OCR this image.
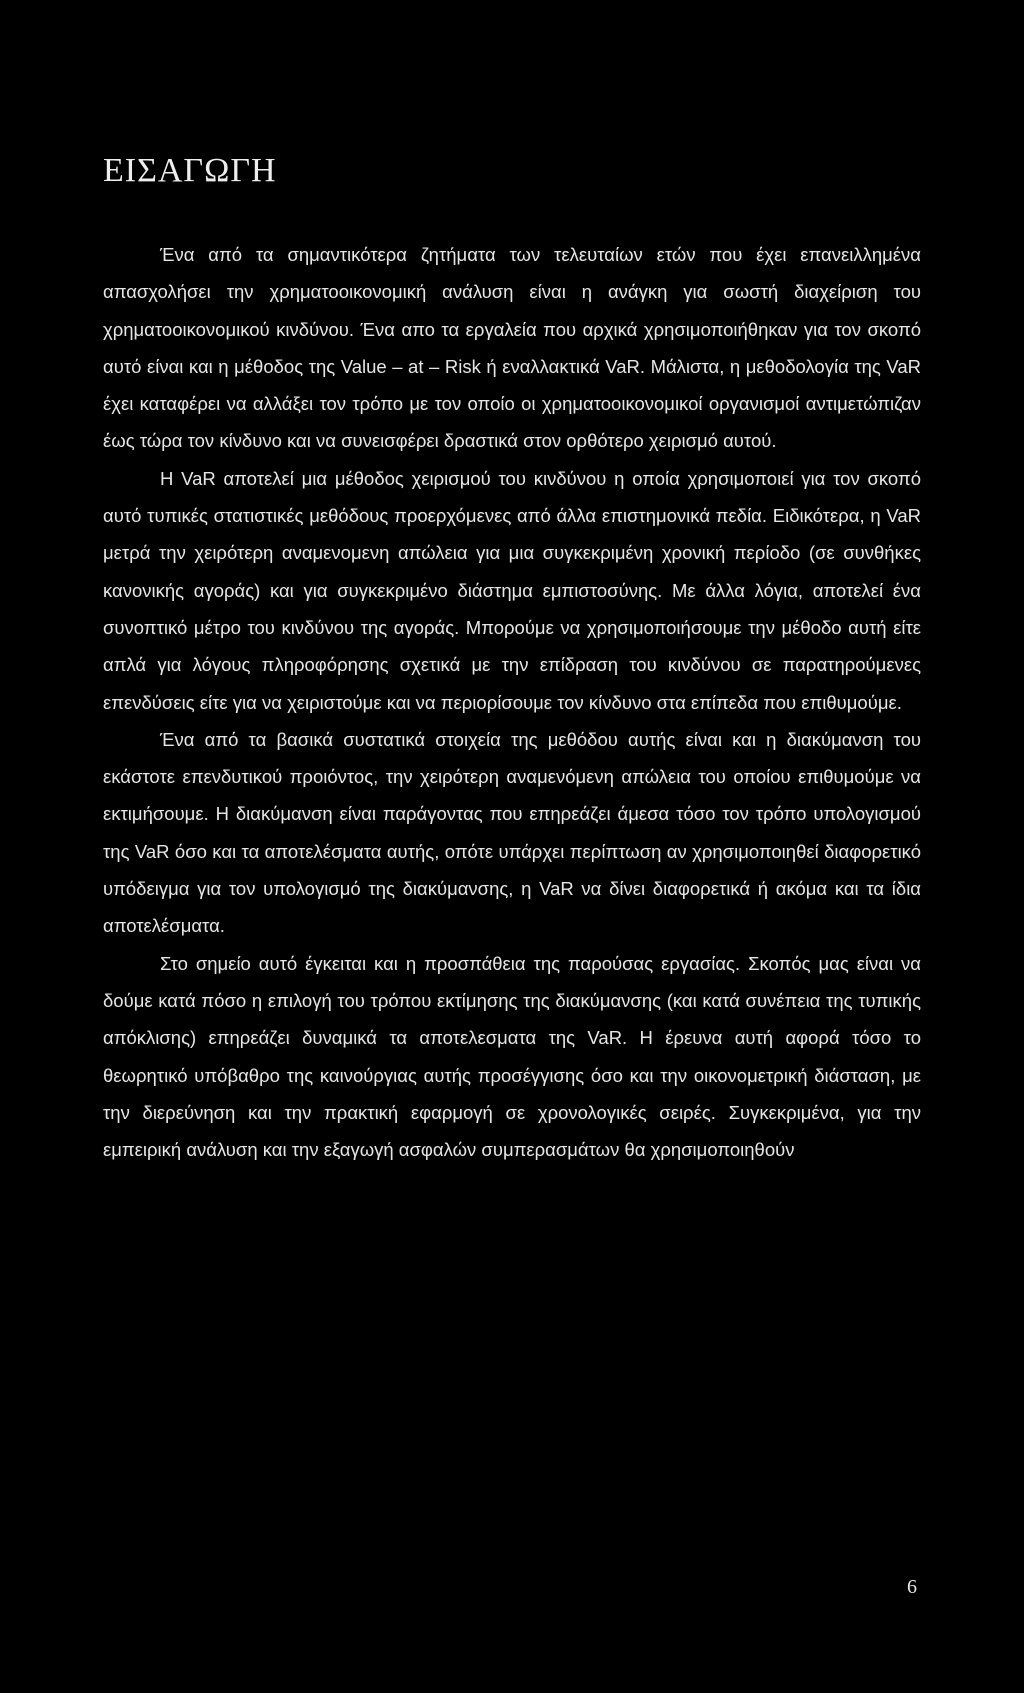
ΕΙΣΑΓΩΓΗ

Ένα από τα σημαντικότερα ζητήματα των τελευταίων ετών που έχει επανειλλημένα απασχολήσει την χρηματοοικονομική ανάλυση είναι η ανάγκη για σωστή διαχείριση του χρηματοοικονομικού κινδύνου. Ένα απο τα εργαλεία που αρχικά χρησιμοποιήθηκαν για τον σκοπό αυτό είναι και η μέθοδος της Value – at – Risk ή εναλλακτικά VaR. Μάλιστα, η μεθοδολογία της VaR έχει καταφέρει να αλλάξει τον τρόπο με τον οποίο οι χρηματοοικονομικοί οργανισμοί αντιμετώπιζαν έως τώρα τον κίνδυνο και να συνεισφέρει δραστικά στον ορθότερο χειρισμό αυτού.

Η VaR αποτελεί μια μέθοδος χειρισμού του κινδύνου η οποία χρησιμοποιεί για τον σκοπό αυτό τυπικές στατιστικές μεθόδους προερχόμενες από άλλα επιστημονικά πεδία. Ειδικότερα, η VaR μετρά την χειρότερη αναμενομενη απώλεια για μια συγκεκριμένη χρονική περίοδο (σε συνθήκες κανονικής αγοράς) και για συγκεκριμένο διάστημα εμπιστοσύνης. Με άλλα λόγια, αποτελεί ένα συνοπτικό μέτρο του κινδύνου της αγοράς. Μπορούμε να χρησιμοποιήσουμε την μέθοδο αυτή είτε απλά για λόγους πληροφόρησης σχετικά με την επίδραση του κινδύνου σε παρατηρούμενες επενδύσεις είτε για να χειριστούμε και να περιορίσουμε τον κίνδυνο στα επίπεδα που επιθυμούμε.

Ένα από τα βασικά συστατικά στοιχεία της μεθόδου αυτής είναι και η διακύμανση του εκάστοτε επενδυτικού προιόντος, την χειρότερη αναμενόμενη απώλεια του οποίου επιθυμούμε να εκτιμήσουμε. Η διακύμανση είναι παράγοντας που επηρεάζει άμεσα τόσο τον τρόπο υπολογισμού της VaR όσο και τα αποτελέσματα αυτής, οπότε υπάρχει περίπτωση αν χρησιμοποιηθεί διαφορετικό υπόδειγμα για τον υπολογισμό της διακύμανσης, η VaR να δίνει διαφορετικά ή ακόμα και τα ίδια αποτελέσματα.

Στο σημείο αυτό έγκειται και η προσπάθεια της παρούσας εργασίας. Σκοπός μας είναι να δούμε κατά πόσο η επιλογή του τρόπου εκτίμησης της διακύμανσης (και κατά συνέπεια της τυπικής απόκλισης) επηρεάζει δυναμικά τα αποτελεσματα της VaR. Η έρευνα αυτή αφορά τόσο το θεωρητικό υπόβαθρο της καινούργιας αυτής προσέγγισης όσο και την οικονομετρική διάσταση, με την διερεύνηση και την πρακτική εφαρμογή σε χρονολογικές σειρές. Συγκεκριμένα, για την εμπειρική ανάλυση και την εξαγωγή ασφαλών συμπερασμάτων θα χρησιμοποιηθούν

6
